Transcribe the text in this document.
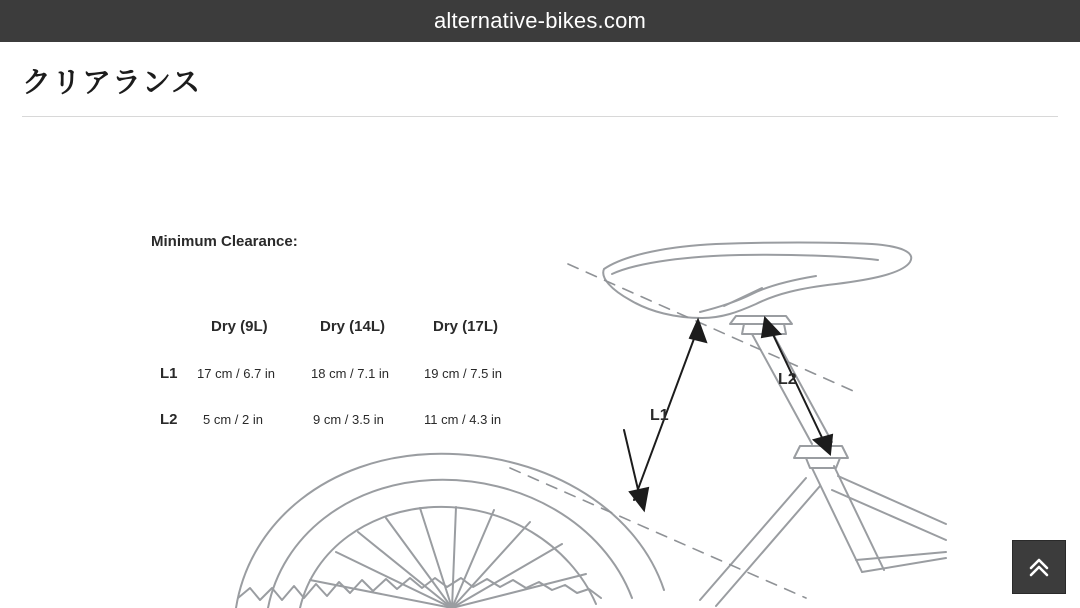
alternative-bikes.com
クリアランス
L1
L2
Minimum Clearance:
Dry (9L)	Dry (14L)	Dry (17L)
L1 17 cm / 6.7 in	18 cm / 7.1 in	19 cm / 7.5 in
L2 5 cm / 2 in	9 cm / 3.5 in	11 cm / 4.3 in
